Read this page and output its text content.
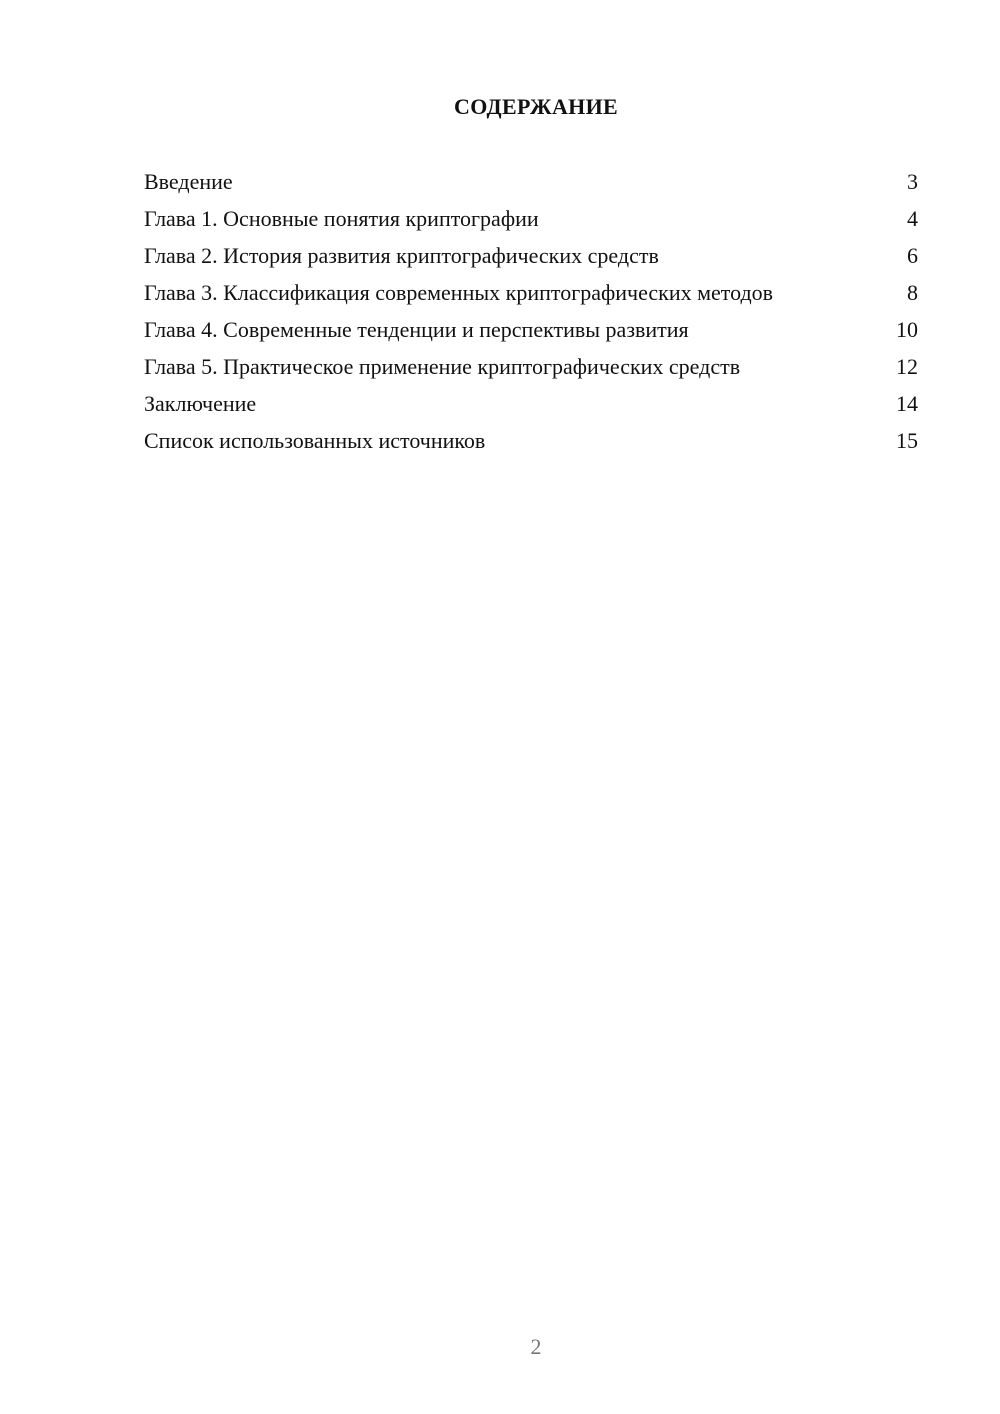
СОДЕРЖАНИЕ
Введение	3
Глава 1. Основные понятия криптографии	4
Глава 2. История развития криптографических средств	6
Глава 3. Классификация современных криптографических методов	8
Глава 4. Современные тенденции и перспективы развития	10
Глава 5. Практическое применение криптографических средств	12
Заключение	14
Список использованных источников	15
2
